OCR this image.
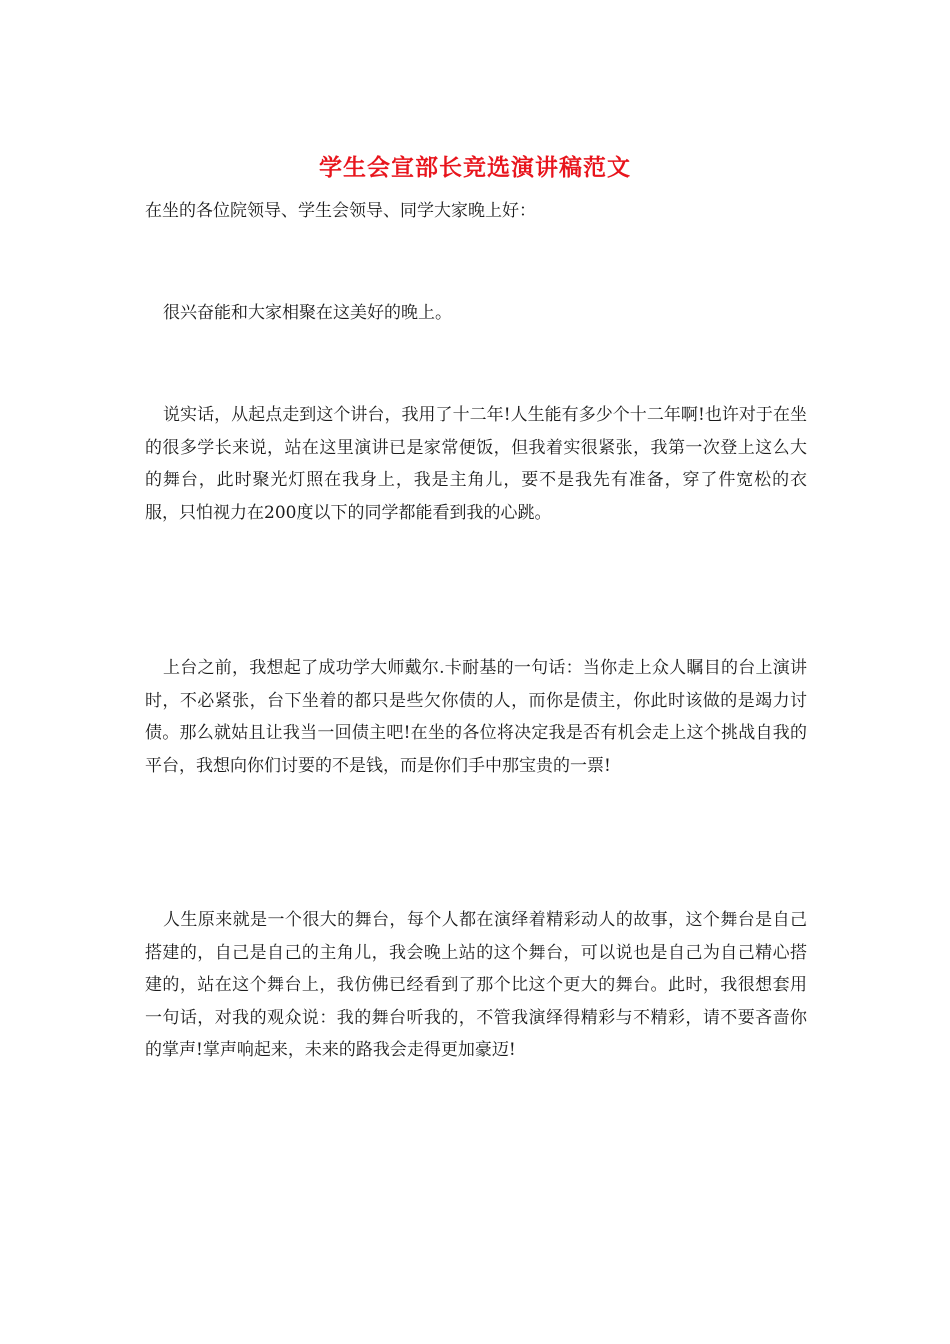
学生会宣部长竞选演讲稿范文
在坐的各位院领导、学生会领导、同学大家晚上好：
很兴奋能和大家相聚在这美好的晚上。
说实话，从起点走到这个讲台，我用了十二年!人生能有多少个十二年啊!也许对于在坐的很多学长来说，站在这里演讲已是家常便饭，但我着实很紧张，我第一次登上这么大的舞台，此时聚光灯照在我身上，我是主角儿，要不是我先有准备，穿了件宽松的衣服，只怕视力在200度以下的同学都能看到我的心跳。
上台之前，我想起了成功学大师戴尔.卡耐基的一句话：当你走上众人瞩目的台上演讲时，不必紧张，台下坐着的都只是些欠你债的人，而你是债主，你此时该做的是竭力讨债。那么就姑且让我当一回债主吧!在坐的各位将决定我是否有机会走上这个挑战自我的平台，我想向你们讨要的不是钱，而是你们手中那宝贵的一票!
人生原来就是一个很大的舞台，每个人都在演绎着精彩动人的故事，这个舞台是自己搭建的，自己是自己的主角儿，我会晚上站的这个舞台，可以说也是自己为自己精心搭建的，站在这个舞台上，我仿佛已经看到了那个比这个更大的舞台。此时，我很想套用一句话，对我的观众说：我的舞台听我的，不管我演绎得精彩与不精彩，请不要吝啬你的掌声!掌声响起来，未来的路我会走得更加豪迈!
